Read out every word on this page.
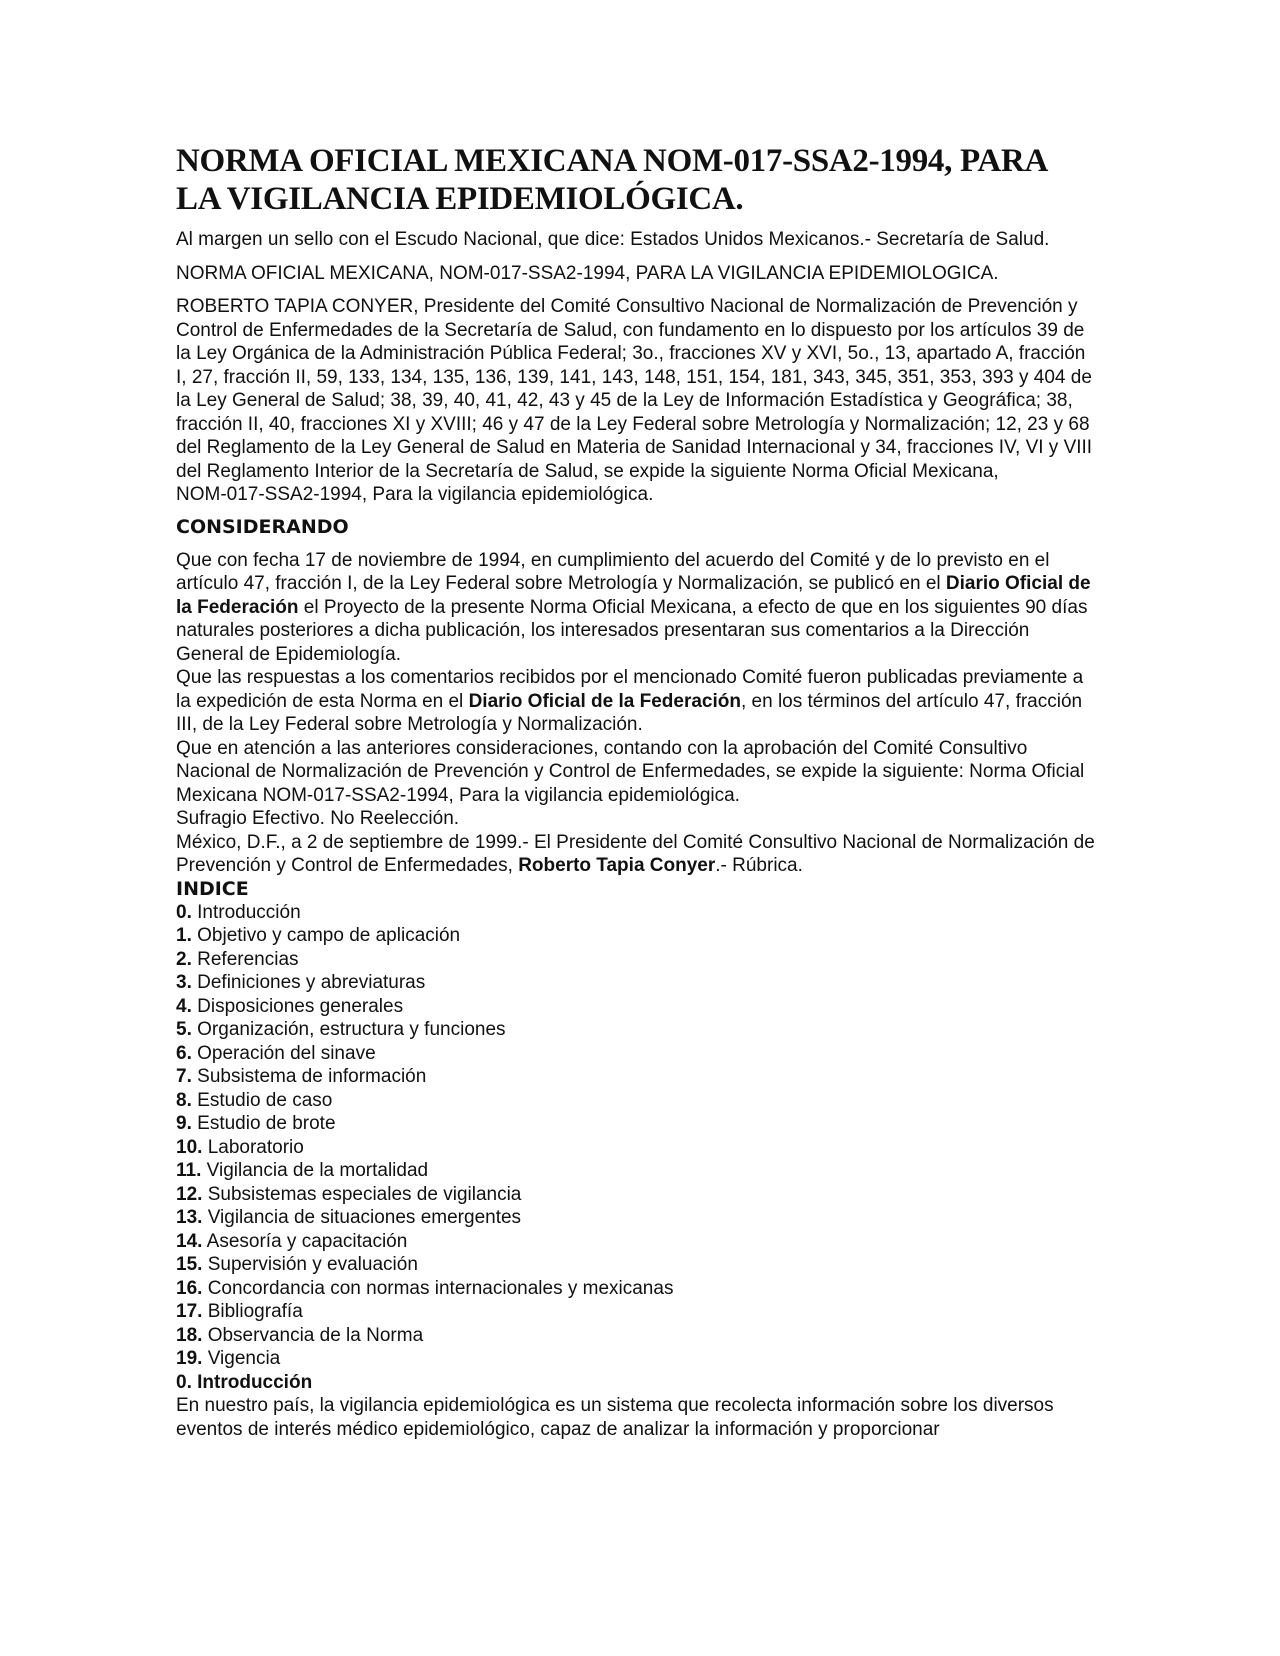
NORMA OFICIAL MEXICANA NOM-017-SSA2-1994, PARA LA VIGILANCIA EPIDEMIOLÓGICA.

Al margen un sello con el Escudo Nacional, que dice: Estados Unidos Mexicanos.- Secretaría de Salud.

NORMA OFICIAL MEXICANA, NOM-017-SSA2-1994, PARA LA VIGILANCIA EPIDEMIOLOGICA.

ROBERTO TAPIA CONYER, Presidente del Comité Consultivo Nacional de Normalización de Prevención y Control de Enfermedades de la Secretaría de Salud, con fundamento en lo dispuesto por los artículos 39 de la Ley Orgánica de la Administración Pública Federal; 3o., fracciones XV y XVI, 5o., 13, apartado A, fracción I, 27, fracción II, 59, 133, 134, 135, 136, 139, 141, 143, 148, 151, 154, 181, 343, 345, 351, 353, 393 y 404 de la Ley General de Salud; 38, 39, 40, 41, 42, 43 y 45 de la Ley de Información Estadística y Geográfica; 38, fracción II, 40, fracciones XI y XVIII; 46 y 47 de la Ley Federal sobre Metrología y Normalización; 12, 23 y 68 del Reglamento de la Ley General de Salud en Materia de Sanidad Internacional y 34, fracciones IV, VI y VIII del Reglamento Interior de la Secretaría de Salud, se expide la siguiente Norma Oficial Mexicana,

NOM-017-SSA2-1994, Para la vigilancia epidemiológica.

CONSIDERANDO

Que con fecha 17 de noviembre de 1994, en cumplimiento del acuerdo del Comité y de lo previsto en el artículo 47, fracción I, de la Ley Federal sobre Metrología y Normalización, se publicó en el Diario Oficial de la Federación el Proyecto de la presente Norma Oficial Mexicana, a efecto de que en los siguientes 90 días naturales posteriores a dicha publicación, los interesados presentaran sus comentarios a la Dirección General de Epidemiología.

Que las respuestas a los comentarios recibidos por el mencionado Comité fueron publicadas previamente a la expedición de esta Norma en el Diario Oficial de la Federación, en los términos del artículo 47, fracción III, de la Ley Federal sobre Metrología y Normalización.

Que en atención a las anteriores consideraciones, contando con la aprobación del Comité Consultivo Nacional de Normalización de Prevención y Control de Enfermedades, se expide la siguiente: Norma Oficial Mexicana NOM-017-SSA2-1994, Para la vigilancia epidemiológica.

Sufragio Efectivo. No Reelección.

México, D.F., a 2 de septiembre de 1999.- El Presidente del Comité Consultivo Nacional de Normalización de Prevención y Control de Enfermedades, Roberto Tapia Conyer.- Rúbrica.

INDICE
0. Introducción
1. Objetivo y campo de aplicación
2. Referencias
3. Definiciones y abreviaturas
4. Disposiciones generales
5. Organización, estructura y funciones
6. Operación del sinave
7. Subsistema de información
8. Estudio de caso
9. Estudio de brote
10. Laboratorio
11. Vigilancia de la mortalidad
12. Subsistemas especiales de vigilancia
13. Vigilancia de situaciones emergentes
14. Asesoría y capacitación
15. Supervisión y evaluación
16. Concordancia con normas internacionales y mexicanas
17. Bibliografía
18. Observancia de la Norma
19. Vigencia

0. Introducción

En nuestro país, la vigilancia epidemiológica es un sistema que recolecta información sobre los diversos eventos de interés médico epidemiológico, capaz de analizar la información y proporcionar
